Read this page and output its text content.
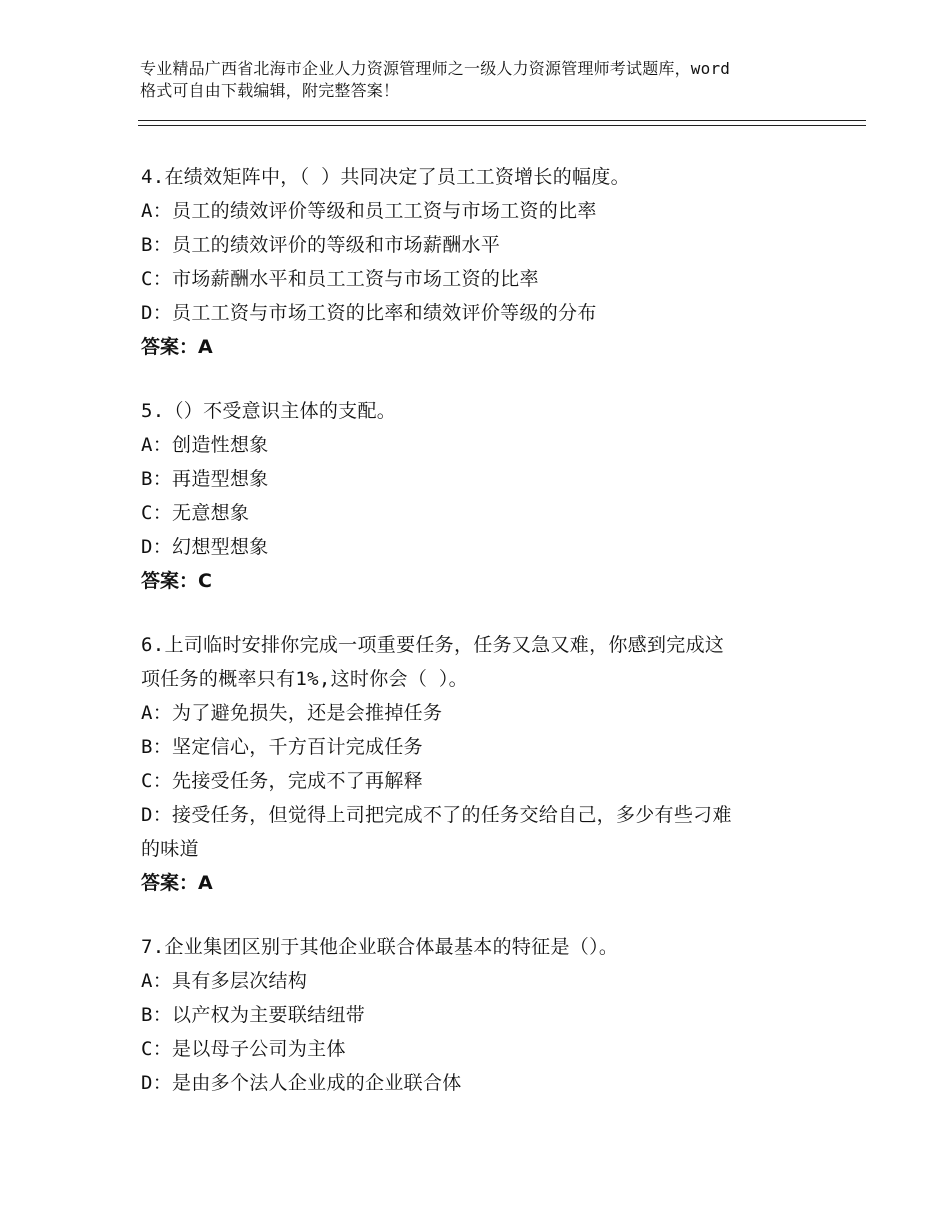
专业精品广西省北海市企业人力资源管理师之一级人力资源管理师考试题库，word
格式可自由下载编辑，附完整答案！
4.在绩效矩阵中，（ ）共同决定了员工工资增长的幅度。
A：员工的绩效评价等级和员工工资与市场工资的比率
B：员工的绩效评价的等级和市场薪酬水平
C：市场薪酬水平和员工工资与市场工资的比率
D：员工工资与市场工资的比率和绩效评价等级的分布
答案：A
5.（）不受意识主体的支配。
A：创造性想象
B：再造型想象
C：无意想象
D：幻想型想象
答案：C
6.上司临时安排你完成一项重要任务，任务又急又难，你感到完成这
项任务的概率只有1%,这时你会（ ）。
A：为了避免损失，还是会推掉任务
B：坚定信心，千方百计完成任务
C：先接受任务，完成不了再解释
D：接受任务，但觉得上司把完成不了的任务交给自己，多少有些刁难
的味道
答案：A
7.企业集团区别于其他企业联合体最基本的特征是（）。
A：具有多层次结构
B：以产权为主要联结纽带
C：是以母子公司为主体
D：是由多个法人企业成的企业联合体
